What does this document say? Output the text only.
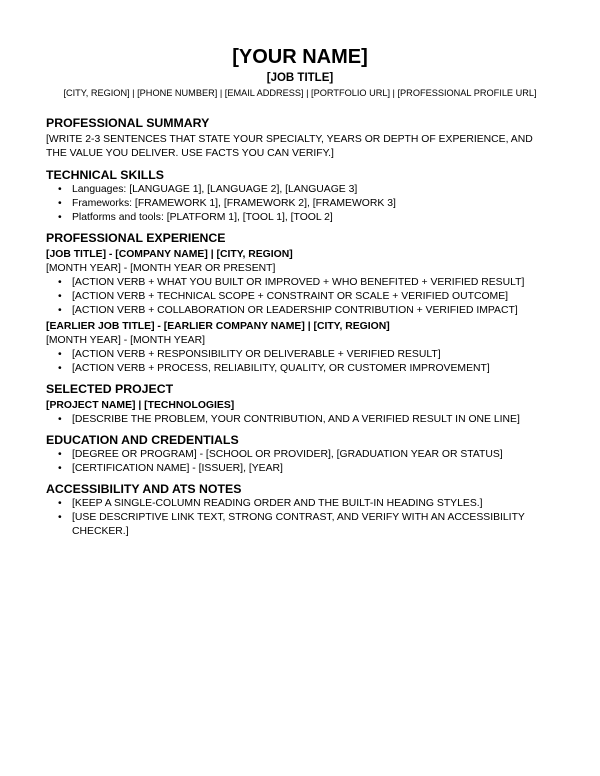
[YOUR NAME]
[JOB TITLE]
[CITY, REGION] | [PHONE NUMBER] | [EMAIL ADDRESS] | [PORTFOLIO URL] | [PROFESSIONAL PROFILE URL]
PROFESSIONAL SUMMARY
[WRITE 2-3 SENTENCES THAT STATE YOUR SPECIALTY, YEARS OR DEPTH OF EXPERIENCE, AND THE VALUE YOU DELIVER. USE FACTS YOU CAN VERIFY.]
TECHNICAL SKILLS
• Languages: [LANGUAGE 1], [LANGUAGE 2], [LANGUAGE 3]
• Frameworks: [FRAMEWORK 1], [FRAMEWORK 2], [FRAMEWORK 3]
• Platforms and tools: [PLATFORM 1], [TOOL 1], [TOOL 2]
PROFESSIONAL EXPERIENCE
[JOB TITLE] - [COMPANY NAME] | [CITY, REGION]
[MONTH YEAR] - [MONTH YEAR OR PRESENT]
• [ACTION VERB + WHAT YOU BUILT OR IMPROVED + WHO BENEFITED + VERIFIED RESULT]
• [ACTION VERB + TECHNICAL SCOPE + CONSTRAINT OR SCALE + VERIFIED OUTCOME]
• [ACTION VERB + COLLABORATION OR LEADERSHIP CONTRIBUTION + VERIFIED IMPACT]
[EARLIER JOB TITLE] - [EARLIER COMPANY NAME] | [CITY, REGION]
[MONTH YEAR] - [MONTH YEAR]
• [ACTION VERB + RESPONSIBILITY OR DELIVERABLE + VERIFIED RESULT]
• [ACTION VERB + PROCESS, RELIABILITY, QUALITY, OR CUSTOMER IMPROVEMENT]
SELECTED PROJECT
[PROJECT NAME] | [TECHNOLOGIES]
• [DESCRIBE THE PROBLEM, YOUR CONTRIBUTION, AND A VERIFIED RESULT IN ONE LINE]
EDUCATION AND CREDENTIALS
• [DEGREE OR PROGRAM] - [SCHOOL OR PROVIDER], [GRADUATION YEAR OR STATUS]
• [CERTIFICATION NAME] - [ISSUER], [YEAR]
ACCESSIBILITY AND ATS NOTES
• [KEEP A SINGLE-COLUMN READING ORDER AND THE BUILT-IN HEADING STYLES.]
• [USE DESCRIPTIVE LINK TEXT, STRONG CONTRAST, AND VERIFY WITH AN ACCESSIBILITY CHECKER.]
